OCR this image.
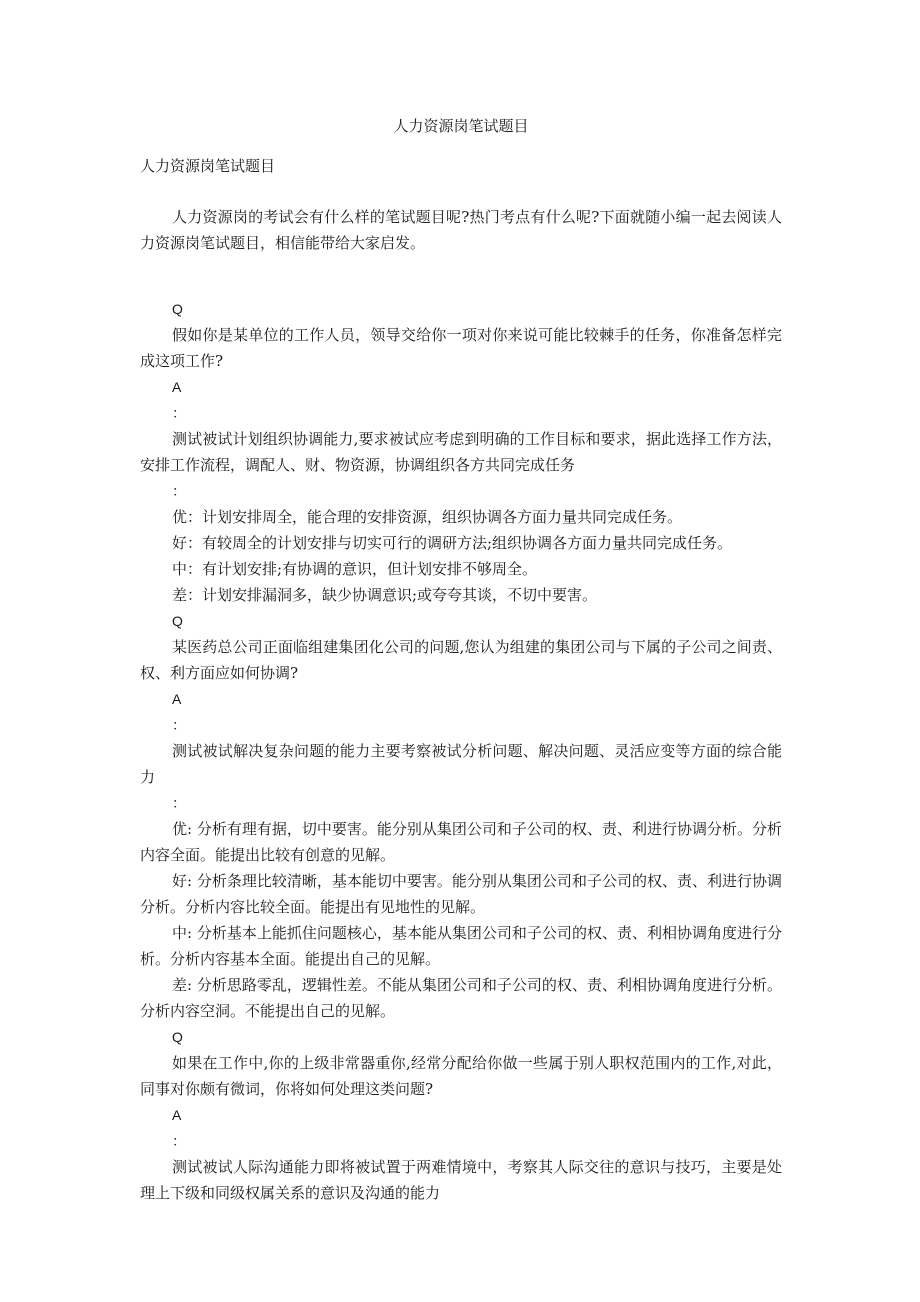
人力资源岗笔试题目
人力资源岗笔试题目

人力资源岗的考试会有什么样的笔试题目呢?热门考点有什么呢?下面就随小编一起去阅读人力资源岗笔试题目，相信能带给大家启发。

Q

假如你是某单位的工作人员，领导交给你一项对你来说可能比较棘手的任务，你准备怎样完成这项工作?

A
：

测试被试计划组织协调能力,要求被试应考虑到明确的工作目标和要求，据此选择工作方法，安排工作流程，调配人、财、物资源，协调组织各方共同完成任务

：

优：计划安排周全，能合理的安排资源，组织协调各方面力量共同完成任务。

好：有较周全的计划安排与切实可行的调研方法;组织协调各方面力量共同完成任务。

中：有计划安排;有协调的意识，但计划安排不够周全。

差：计划安排漏洞多，缺少协调意识;或夸夸其谈，不切中要害。

Q

某医药总公司正面临组建集团化公司的问题,您认为组建的集团公司与下属的子公司之间责、权、利方面应如何协调?

A
：

测试被试解决复杂问题的能力主要考察被试分析问题、解决问题、灵活应变等方面的综合能力

：

优: 分析有理有据，切中要害。能分别从集团公司和子公司的权、责、利进行协调分析。分析内容全面。能提出比较有创意的见解。

好: 分析条理比较清晰，基本能切中要害。能分别从集团公司和子公司的权、责、利进行协调分析。分析内容比较全面。能提出有见地性的见解。

中: 分析基本上能抓住问题核心，基本能从集团公司和子公司的权、责、利相协调角度进行分析。分析内容基本全面。能提出自己的见解。

差: 分析思路零乱，逻辑性差。不能从集团公司和子公司的权、责、利相协调角度进行分析。分析内容空洞。不能提出自己的见解。

Q

如果在工作中,你的上级非常器重你,经常分配给你做一些属于别人职权范围内的工作,对此，同事对你颇有微词，你将如何处理这类问题?

A
：

测试被试人际沟通能力即将被试置于两难情境中，考察其人际交往的意识与技巧，主要是处理上下级和同级权属关系的意识及沟通的能力
